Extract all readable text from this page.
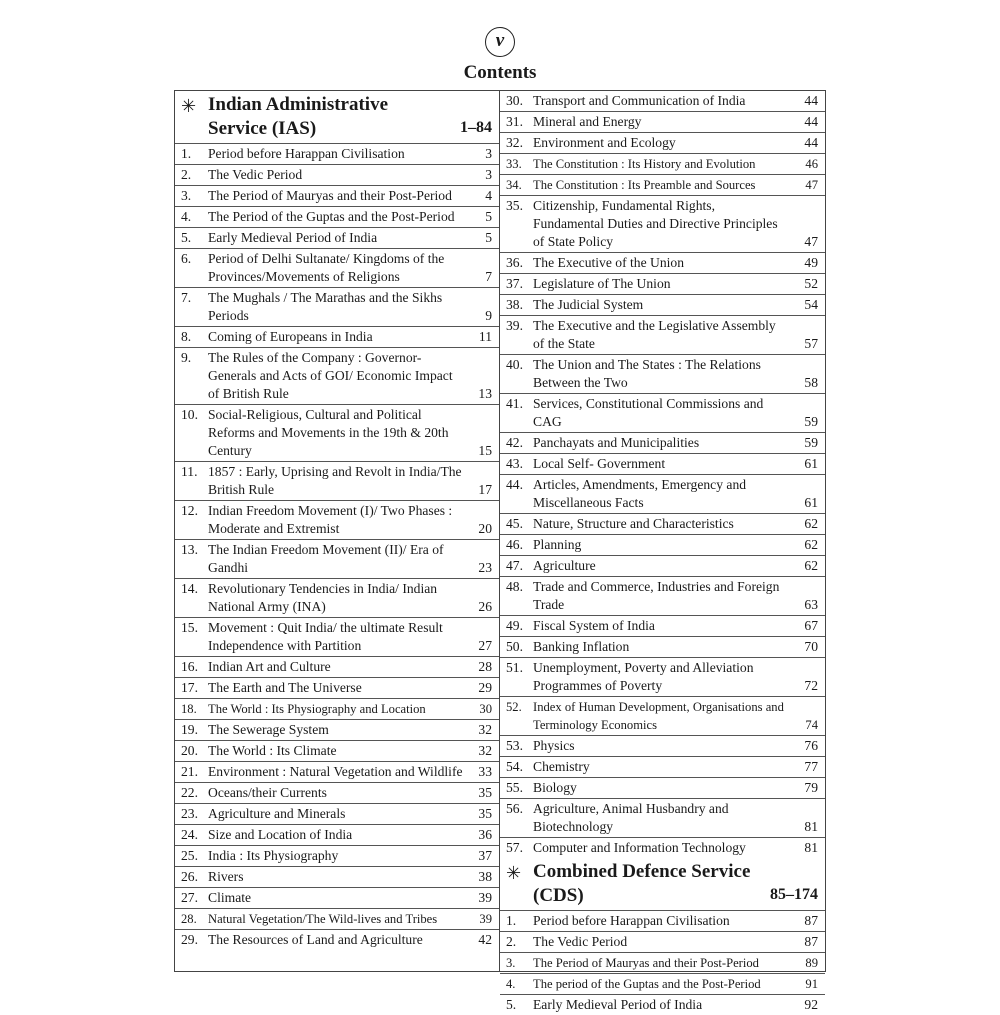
v
Contents
✳ Indian Administrative
Service (IAS)	1–84
1. Period before Harappan Civilisation	3
2. The Vedic Period	3
3. The Period of Mauryas and their Post-Period	4
4. The Period of the Guptas and the Post-Period	5
5. Early Medieval Period of India	5
6. Period of Delhi Sultanate/ Kingdoms of the Provinces/Movements of Religions	7
7. The Mughals / The Marathas and the Sikhs Periods	9
8. Coming of Europeans in India	11
9. The Rules of the Company : Governor-Generals and Acts of GOI/ Economic Impact of British Rule	13
10. Social-Religious, Cultural and Political Reforms and Movements in the 19th & 20th Century	15
11. 1857 : Early, Uprising and Revolt in India/The British Rule	17
12. Indian Freedom Movement (I)/ Two Phases : Moderate and Extremist	20
13. The Indian Freedom Movement (II)/ Era of Gandhi	23
14. Revolutionary Tendencies in India/ Indian National Army (INA)	26
15. Movement : Quit India/ the ultimate Result Independence with Partition	27
16. Indian Art and Culture	28
17. The Earth and The Universe	29
18. The World : Its Physiography and Location	30
19. The Sewerage System	32
20. The World : Its Climate	32
21. Environment : Natural Vegetation and Wildlife	33
22. Oceans/their Currents	35
23. Agriculture and Minerals	35
24. Size and Location of India	36
25. India : Its Physiography	37
26. Rivers	38
27. Climate	39
28. Natural Vegetation/The Wild-lives and Tribes	39
29. The Resources of Land and Agriculture	42
30. Transport and Communication of India	44
31. Mineral and Energy	44
32. Environment and Ecology	44
33. The Constitution : Its History and Evolution	46
34. The Constitution : Its Preamble and Sources	47
35. Citizenship, Fundamental Rights, Fundamental Duties and Directive Principles of State Policy	47
36. The Executive of the Union	49
37. Legislature of The Union	52
38. The Judicial System	54
39. The Executive and the Legislative Assembly of the State	57
40. The Union and The States : The Relations Between the Two	58
41. Services, Constitutional Commissions and CAG	59
42. Panchayats and Municipalities	59
43. Local Self- Government	61
44. Articles, Amendments, Emergency and Miscellaneous Facts	61
45. Nature, Structure and Characteristics	62
46. Planning	62
47. Agriculture	62
48. Trade and Commerce, Industries and Foreign Trade	63
49. Fiscal System of India	67
50. Banking Inflation	70
51. Unemployment, Poverty and Alleviation Programmes of Poverty	72
52. Index of Human Development, Organisations and Terminology Economics	74
53. Physics	76
54. Chemistry	77
55. Biology	79
56. Agriculture, Animal Husbandry and Biotechnology	81
57. Computer and Information Technology	81
✳ Combined Defence Service
(CDS)	85–174
1. Period before Harappan Civilisation	87
2. The Vedic Period	87
3. The Period of Mauryas and their Post-Period	89
4. The period of the Guptas and the Post-Period	91
5. Early Medieval Period of India	92
